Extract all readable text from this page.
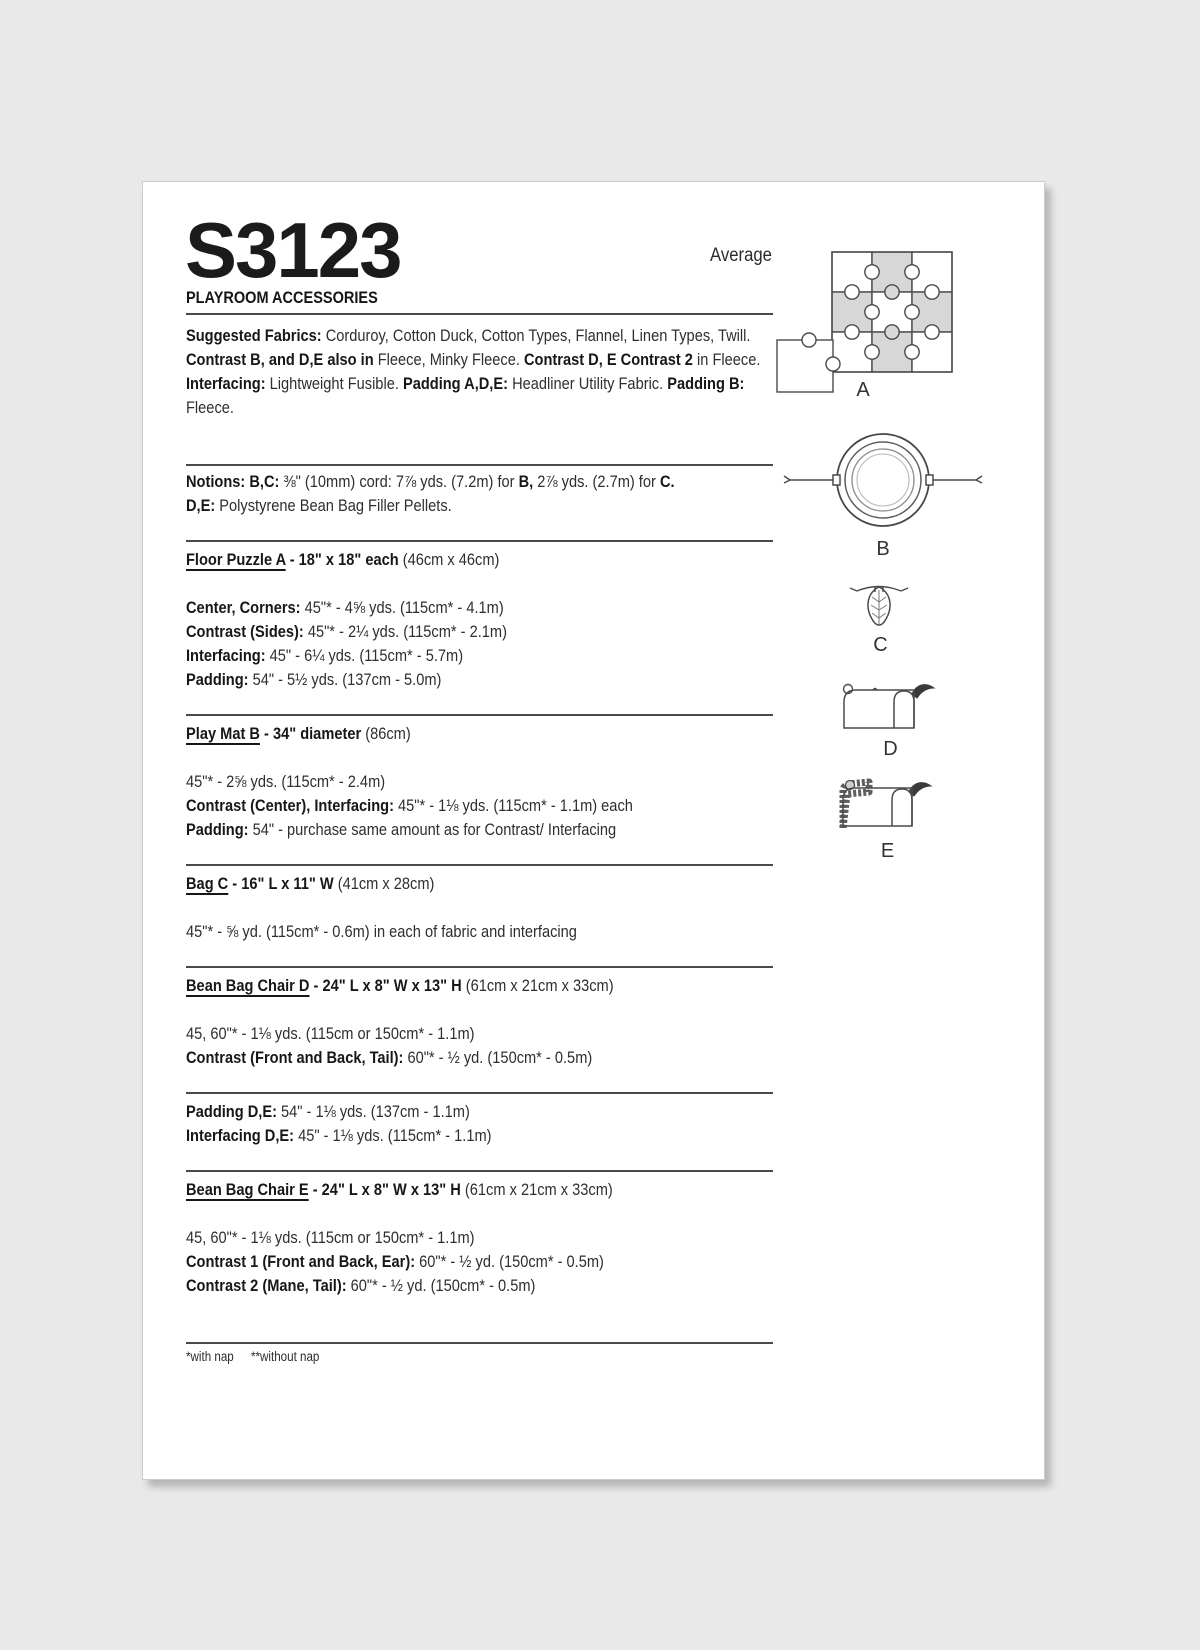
S3123	Average
PLAYROOM ACCESSORIES

Suggested Fabrics: Corduroy, Cotton Duck, Cotton Types, Flannel, Linen Types, Twill.

Contrast B, and D,E also in Fleece, Minky Fleece. Contrast D, E Contrast 2 in Fleece.

Interfacing: Lightweight Fusible. Padding A,D,E: Headliner Utility Fabric. Padding B:

Fleece.

Notions: B,C: ⅜" (10mm) cord: 7⅞ yds. (7.2m) for B, 2⅞ yds. (2.7m) for C.

D,E: Polystyrene Bean Bag Filler Pellets.

Floor Puzzle A - 18" x 18" each (46cm x 46cm)

Center, Corners: 45"* - 4⅝ yds. (115cm* - 4.1m)

Contrast (Sides): 45"* - 2¼ yds. (115cm* - 2.1m)

Interfacing: 45" - 6¼ yds. (115cm* - 5.7m)

Padding: 54" - 5½ yds. (137cm - 5.0m)

Play Mat B - 34" diameter (86cm)

45"* - 2⅝ yds. (115cm* - 2.4m)

Contrast (Center), Interfacing: 45"* - 1⅛ yds. (115cm* - 1.1m) each

Padding: 54" - purchase same amount as for Contrast/ Interfacing

Bag C - 16" L x 11" W (41cm x 28cm)

45"* - ⅝ yd. (115cm* - 0.6m) in each of fabric and interfacing

Bean Bag Chair D - 24" L x 8" W x 13" H (61cm x 21cm x 33cm)

45, 60"* - 1⅛ yds. (115cm or 150cm* - 1.1m)

Contrast (Front and Back, Tail): 60"* - ½ yd. (150cm* - 0.5m)

Padding D,E: 54" - 1⅛ yds. (137cm - 1.1m)

Interfacing D,E: 45" - 1⅛ yds. (115cm* - 1.1m)

Bean Bag Chair E - 24" L x 8" W x 13" H (61cm x 21cm x 33cm)

45, 60"* - 1⅛ yds. (115cm or 150cm* - 1.1m)

Contrast 1 (Front and Back, Ear): 60"* - ½ yd. (150cm* - 0.5m)

Contrast 2 (Mane, Tail): 60"* - ½ yd. (150cm* - 0.5m)

*with nap **without nap

A
B
C
D
E
